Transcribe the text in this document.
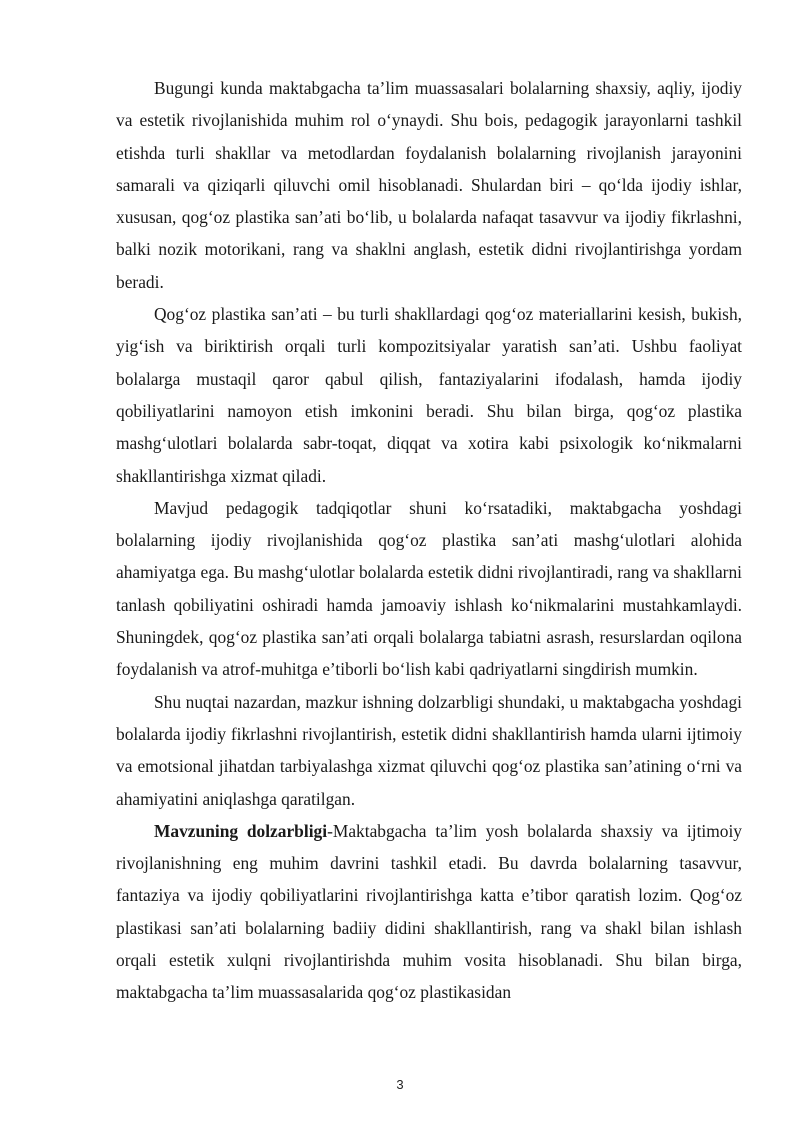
Bugungi kunda maktabgacha ta’lim muassasalari bolalarning shaxsiy, aqliy, ijodiy va estetik rivojlanishida muhim rol o‘ynaydi. Shu bois, pedagogik jarayonlarni tashkil etishda turli shakllar va metodlardan foydalanish bolalarning rivojlanish jarayonini samarali va qiziqarli qiluvchi omil hisoblanadi. Shulardan biri – qo‘lda ijodiy ishlar, xususan, qog‘oz plastika san’ati bo‘lib, u bolalarda nafaqat tasavvur va ijodiy fikrlashni, balki nozik motorikani, rang va shaklni anglash, estetik didni rivojlantirishga yordam beradi.

Qog‘oz plastika san’ati – bu turli shakllardagi qog‘oz materiallarini kesish, bukish, yig‘ish va biriktirish orqali turli kompozitsiyalar yaratish san’ati. Ushbu faoliyat bolalarga mustaqil qaror qabul qilish, fantaziyalarini ifodalash, hamda ijodiy qobiliyatlarini namoyon etish imkonini beradi. Shu bilan birga, qog‘oz plastika mashg‘ulotlari bolalarda sabr-toqat, diqqat va xotira kabi psixologik ko‘nikmalarni shakllantirishga xizmat qiladi.

Mavjud pedagogik tadqiqotlar shuni ko‘rsatadiki, maktabgacha yoshdagi bolalarning ijodiy rivojlanishida qog‘oz plastika san’ati mashg‘ulotlari alohida ahamiyatga ega. Bu mashg‘ulotlar bolalarda estetik didni rivojlantiradi, rang va shakllarni tanlash qobiliyatini oshiradi hamda jamoaviy ishlash ko‘nikmalarini mustahkamlaydi. Shuningdek, qog‘oz plastika san’ati orqali bolalarga tabiatni asrash, resurslardan oqilona foydalanish va atrof-muhitga e’tiborli bo‘lish kabi qadriyatlarni singdirish mumkin.

Shu nuqtai nazardan, mazkur ishning dolzarbligi shundaki, u maktabgacha yoshdagi bolalarda ijodiy fikrlashni rivojlantirish, estetik didni shakllantirish hamda ularni ijtimoiy va emotsional jihatdan tarbiyalashga xizmat qiluvchi qog‘oz plastika san’atining o‘rni va ahamiyatini aniqlashga qaratilgan.

Mavzuning dolzarbligi-Maktabgacha ta’lim yosh bolalarda shaxsiy va ijtimoiy rivojlanishning eng muhim davrini tashkil etadi. Bu davrda bolalarning tasavvur, fantaziya va ijodiy qobiliyatlarini rivojlantirishga katta e’tibor qaratish lozim. Qog‘oz plastikasi san’ati bolalarning badiiy didini shakllantirish, rang va shakl bilan ishlash orqali estetik xulqni rivojlantirishda muhim vosita hisoblanadi. Shu bilan birga, maktabgacha ta’lim muassasalarida qog‘oz plastikasidan

3
